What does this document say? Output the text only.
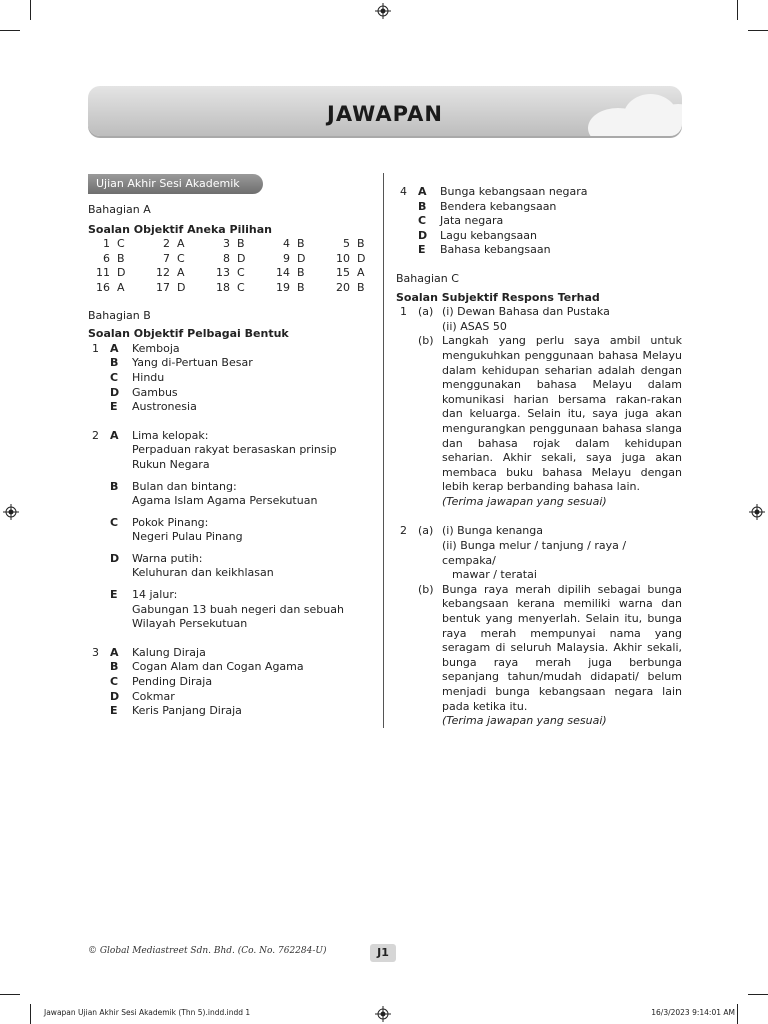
JAWAPAN
Ujian Akhir Sesi Akademik
Bahagian A
Soalan Objektif Aneka Pilihan
1 C	2 A	3 B	4 B	5 B
6 B	7 C	8 D	9 D	10 D
11 D	12 A	13 C	14 B	15 A
16 A	17 D	18 C	19 B	20 B
Bahagian B
Soalan Objektif Pelbagai Bentuk
1	A	Kemboja
B	Yang di-Pertuan Besar
C	Hindu
D	Gambus
E	Austronesia
2	A	Lima kelopak:
Perpaduan rakyat berasaskan prinsip Rukun Negara
B	Bulan dan bintang:
Agama Islam Agama Persekutuan
C	Pokok Pinang:
Negeri Pulau Pinang
D	Warna putih:
Keluhuran dan keikhlasan
E	14 jalur:
Gabungan 13 buah negeri dan sebuah Wilayah Persekutuan
3	A	Kalung Diraja
B	Cogan Alam dan Cogan Agama
C	Pending Diraja
D	Cokmar
E	Keris Panjang Diraja
4	A	Bunga kebangsaan negara
B	Bendera kebangsaan
C	Jata negara
D	Lagu kebangsaan
E	Bahasa kebangsaan
Bahagian C
Soalan Subjektif Respons Terhad
1	(a) (i) Dewan Bahasa dan Pustaka
(ii) ASAS 50
(b) Langkah yang perlu saya ambil untuk mengukuhkan penggunaan bahasa Melayu dalam kehidupan seharian adalah dengan menggunakan bahasa Melayu dalam komunikasi harian bersama rakan-rakan dan keluarga. Selain itu, saya juga akan mengurangkan penggunaan bahasa slanga dan bahasa rojak dalam kehidupan seharian. Akhir sekali, saya juga akan membaca buku bahasa Melayu dengan lebih kerap berbanding bahasa lain.
(Terima jawapan yang sesuai)
2	(a) (i) Bunga kenanga
(ii) Bunga melur / tanjung / raya / cempaka/
mawar / teratai
(b) Bunga raya merah dipilih sebagai bunga kebangsaan kerana memiliki warna dan bentuk yang menyerlah. Selain itu, bunga raya merah mempunyai nama yang seragam di seluruh Malaysia. Akhir sekali, bunga raya merah juga berbunga sepanjang tahun/mudah didapati/ belum menjadi bunga kebangsaan negara lain pada ketika itu.
(Terima jawapan yang sesuai)
© Global Mediastreet Sdn. Bhd. (Co. No. 762284-U)	J1
Jawapan Ujian Akhir Sesi Akademik (Thn 5).indd.indd 1	16/3/2023 9:14:01 AM
